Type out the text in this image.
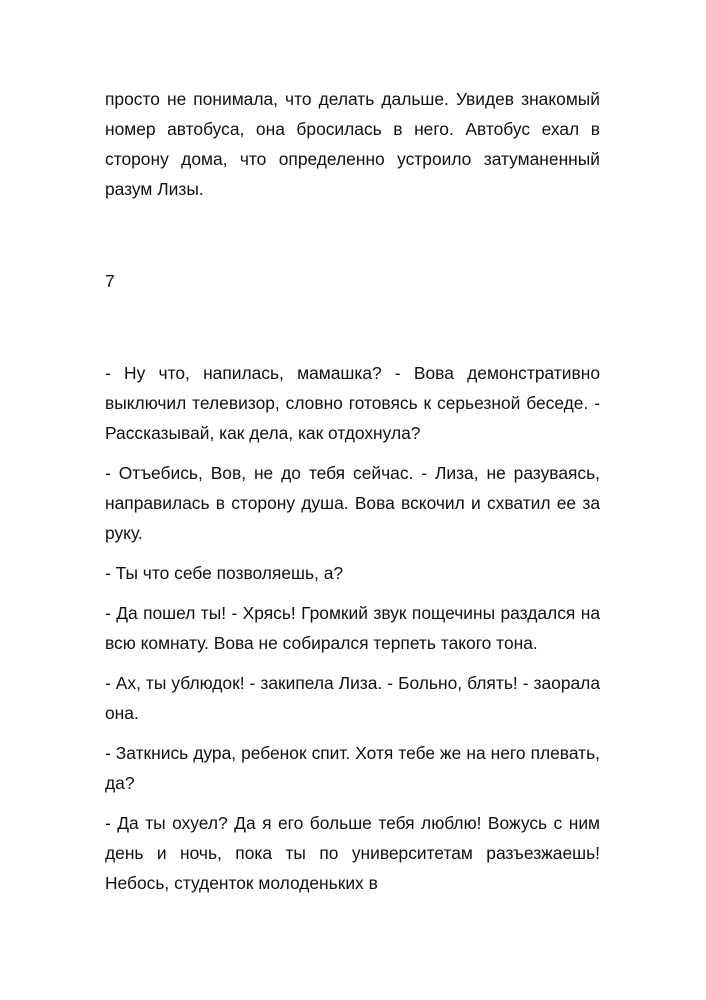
просто не понимала, что делать дальше. Увидев знакомый номер автобуса, она бросилась в него. Автобус ехал в сторону дома, что определенно устроило затуманенный разум Лизы.

7

- Ну что, напилась, мамашка? - Вова демонстративно выключил телевизор, словно готовясь к серьезной беседе. - Рассказывай, как дела, как отдохнула?

- Отъебись, Вов, не до тебя сейчас. - Лиза, не разуваясь, направилась в сторону душа. Вова вскочил и схватил ее за руку.

- Ты что себе позволяешь, а?

- Да пошел ты! - Хрясь! Громкий звук пощечины раздался на всю комнату. Вова не собирался терпеть такого тона.

- Ах, ты ублюдок! - закипела Лиза. - Больно, блять! - заорала она.

- Заткнись дура, ребенок спит. Хотя тебе же на него плевать, да?

- Да ты охуел? Да я его больше тебя люблю! Вожусь с ним день и ночь, пока ты по университетам разъезжаешь! Небось, студенток молоденьких в
